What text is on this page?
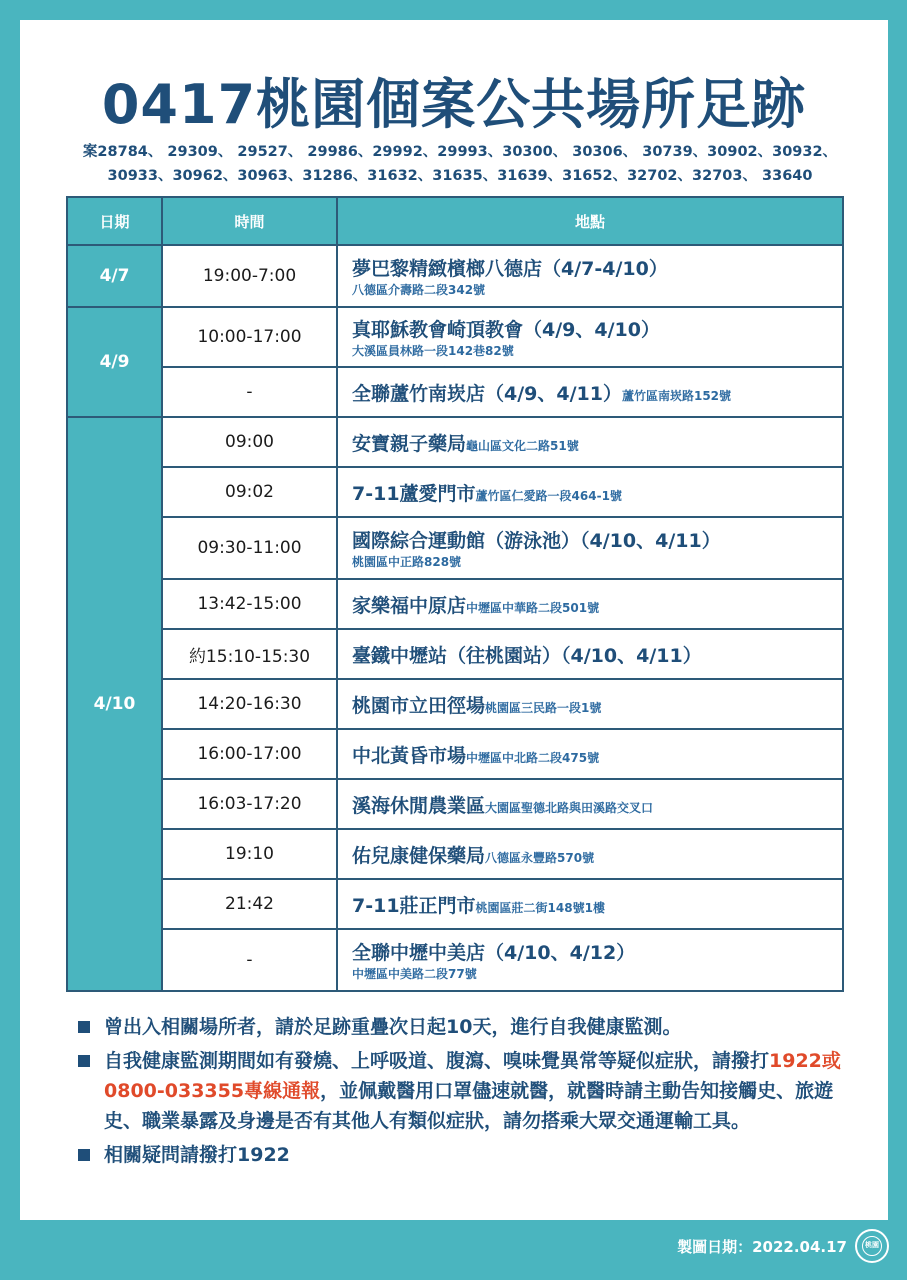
0417桃園個案公共場所足跡
案28784、 29309、 29527、 29986、29992、29993、30300、 30306、 30739、30902、30932、
30933、30962、30963、31286、31632、31635、31639、31652、32702、32703、 33640
日期	時間	地點
4/7	19:00-7:00	夢巴黎精緻檳榔八德店（4/7-4/10）
八德區介壽路二段342號

4/9	10:00-17:00	真耶穌教會崎頂教會（4/9、4/10）
大溪區員林路一段142巷82號

	-	全聯蘆竹南崁店（4/9、4/11）蘆竹區南崁路152號
4/10	09:00	安寶親子藥局龜山區文化二路51號
	09:02	7-11蘆愛門市蘆竹區仁愛路一段464-1號
	09:30-11:00	國際綜合運動館（游泳池）（4/10、4/11）
桃園區中正路828號

	13:42-15:00	家樂福中原店中壢區中華路二段501號
	約15:10-15:30	臺鐵中壢站（往桃園站）（4/10、4/11）
	14:20-16:30	桃園市立田徑場桃園區三民路一段1號
	16:00-17:00	中北黃昏市場中壢區中北路二段475號
	16:03-17:20	溪海休閒農業區大園區聖德北路與田溪路交叉口
	19:10	佑兒康健保藥局八德區永豐路570號
	21:42	7-11莊正門市桃園區莊二街148號1樓
	-	全聯中壢中美店（4/10、4/12）
中壢區中美路二段77號
曾出入相關場所者，請於足跡重疊次日起10天，進行自我健康監測。
自我健康監測期間如有發燒、上呼吸道、腹瀉、嗅味覺異常等疑似症狀，請撥打1922或0800-033355專線通報，並佩戴醫用口罩儘速就醫，就醫時請主動告知接觸史、旅遊史、職業暴露及身邊是否有其他人有類似症狀，請勿搭乘大眾交通運輸工具。
相關疑問請撥打1922
製圖日期：2022.04.17	桃園
